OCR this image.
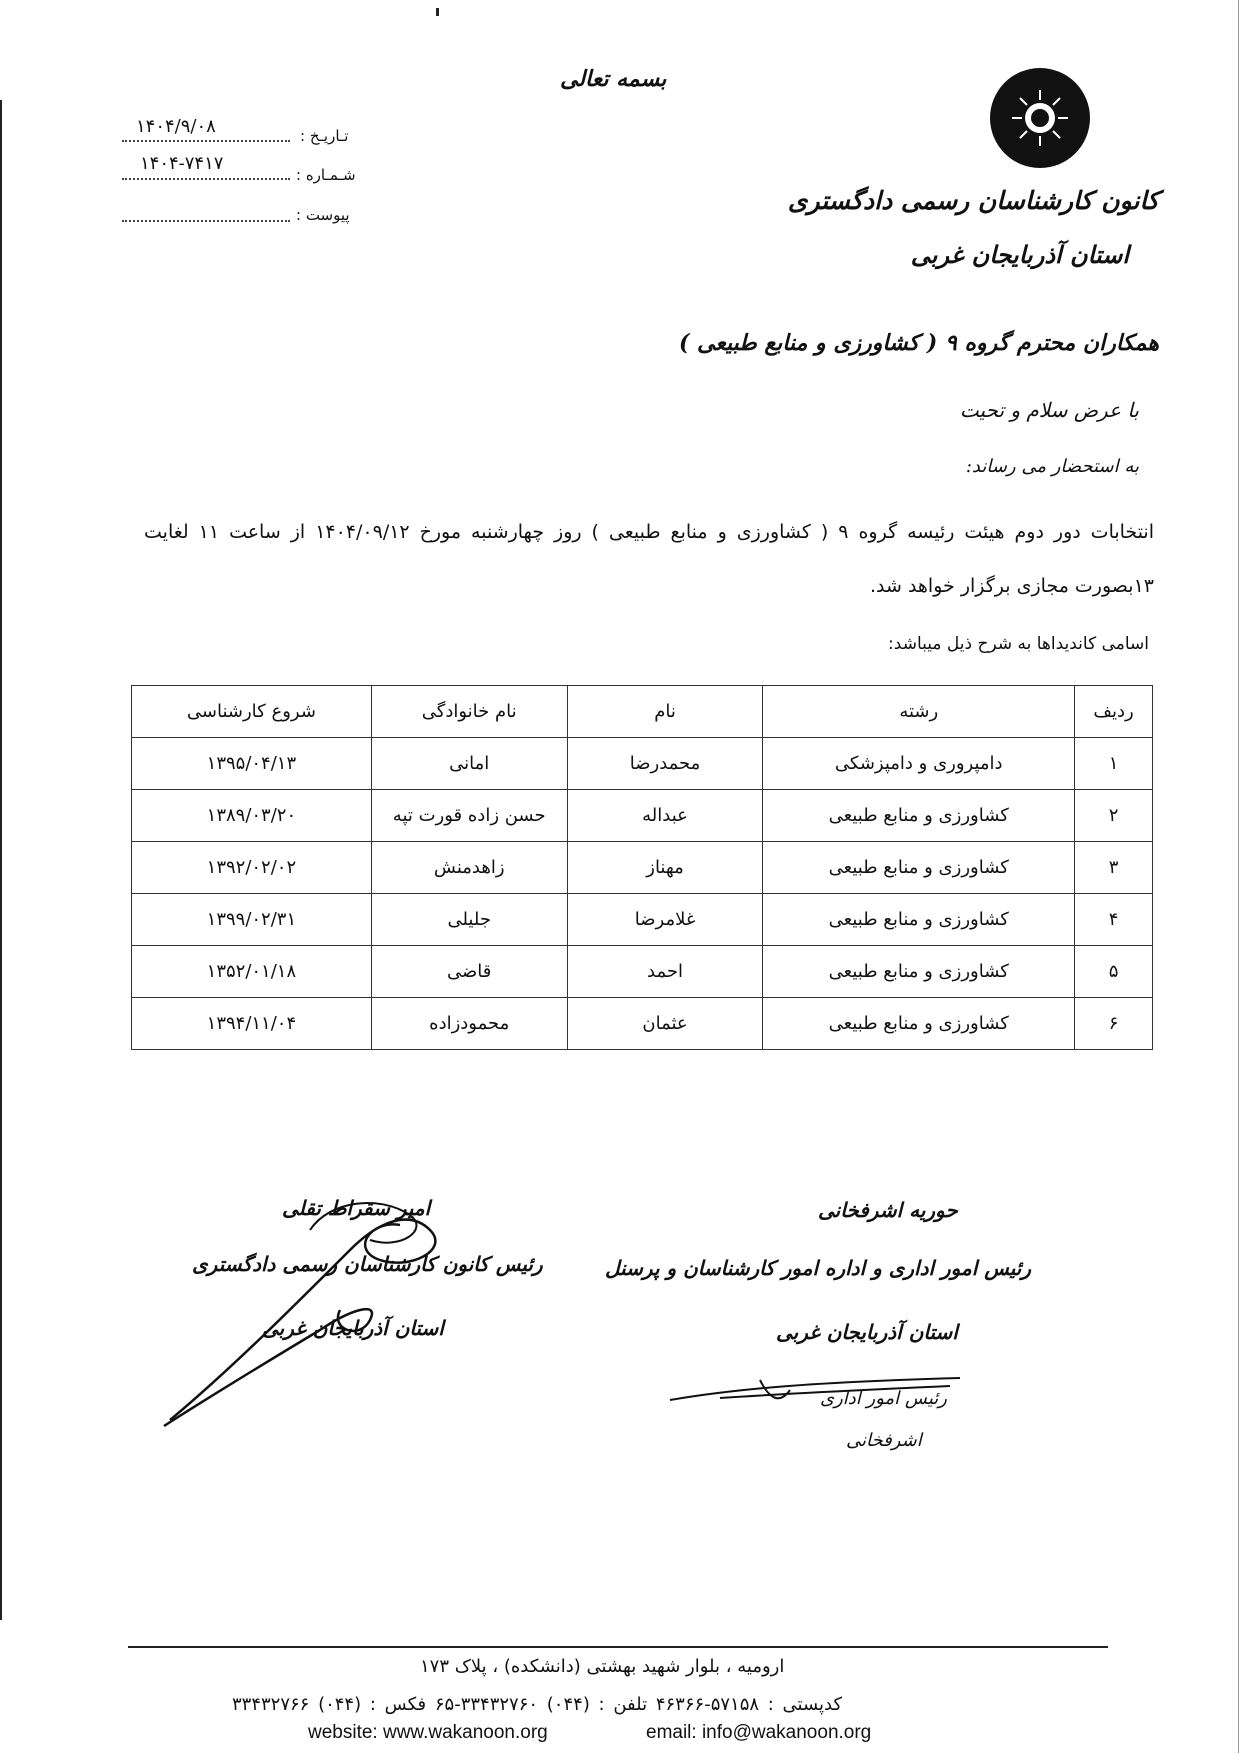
بسمه تعالی
تـاریـخ :
۱۴۰۴/۹/۰۸
شـمـاره :
۱۴۰۴-۷۴۱۷
پیوست :	کانون کارشناسان رسمی دادگستری
استان آذربایجان غربی
همکاران محترم گروه ۹ ( کشاورزی و منابع طبیعی )
با عرض سلام و تحیت
به استحضار می رساند:
انتخابات دور دوم هیئت رئیسه گروه ۹ ( کشاورزی و منابع طبیعی ) روز چهارشنبه مورخ ۱۴۰۴/۰۹/۱۲ از ساعت ۱۱ لغایت ۱۳بصورت مجازی برگزار خواهد شد.
اسامی کاندیداها به شرح ذیل میباشد:
ردیف	رشته	نام	نام خانوادگی	شروع کارشناسی
۱	دامپروری و دامپزشکی	محمدرضا	امانی	۱۳۹۵/۰۴/۱۳
۲	کشاورزی و منابع طبیعی	عبداله	حسن زاده قورت تپه	۱۳۸۹/۰۳/۲۰
۳	کشاورزی و منابع طبیعی	مهناز	زاهدمنش	۱۳۹۲/۰۲/۰۲
۴	کشاورزی و منابع طبیعی	غلامرضا	جلیلی	۱۳۹۹/۰۲/۳۱
۵	کشاورزی و منابع طبیعی	احمد	قاضی	۱۳۵۲/۰۱/۱۸
۶	کشاورزی و منابع طبیعی	عثمان	محمودزاده	۱۳۹۴/۱۱/۰۴
حوریه اشرفخانی
رئیس امور اداری و اداره امور کارشناسان و پرسنل
استان آذربایجان غربی
رئیس امور اداری
اشرفخانی
امیر سقراط تقلی
رئیس کانون کارشناسان رسمی دادگستری
استان آذربایجان غربی
ارومیه ، بلوار شهید بهشتی (دانشکده) ، پلاک ۱۷۳
کدپستی : ۵۷۱۵۸-۴۶۳۶۶ تلفن : (۰۴۴) ۳۳۴۳۲۷۶۰-۶۵ فکس : (۰۴۴) ۳۳۴۳۲۷۶۶
website: www.wakanoon.org	email: info@wakanoon.org
